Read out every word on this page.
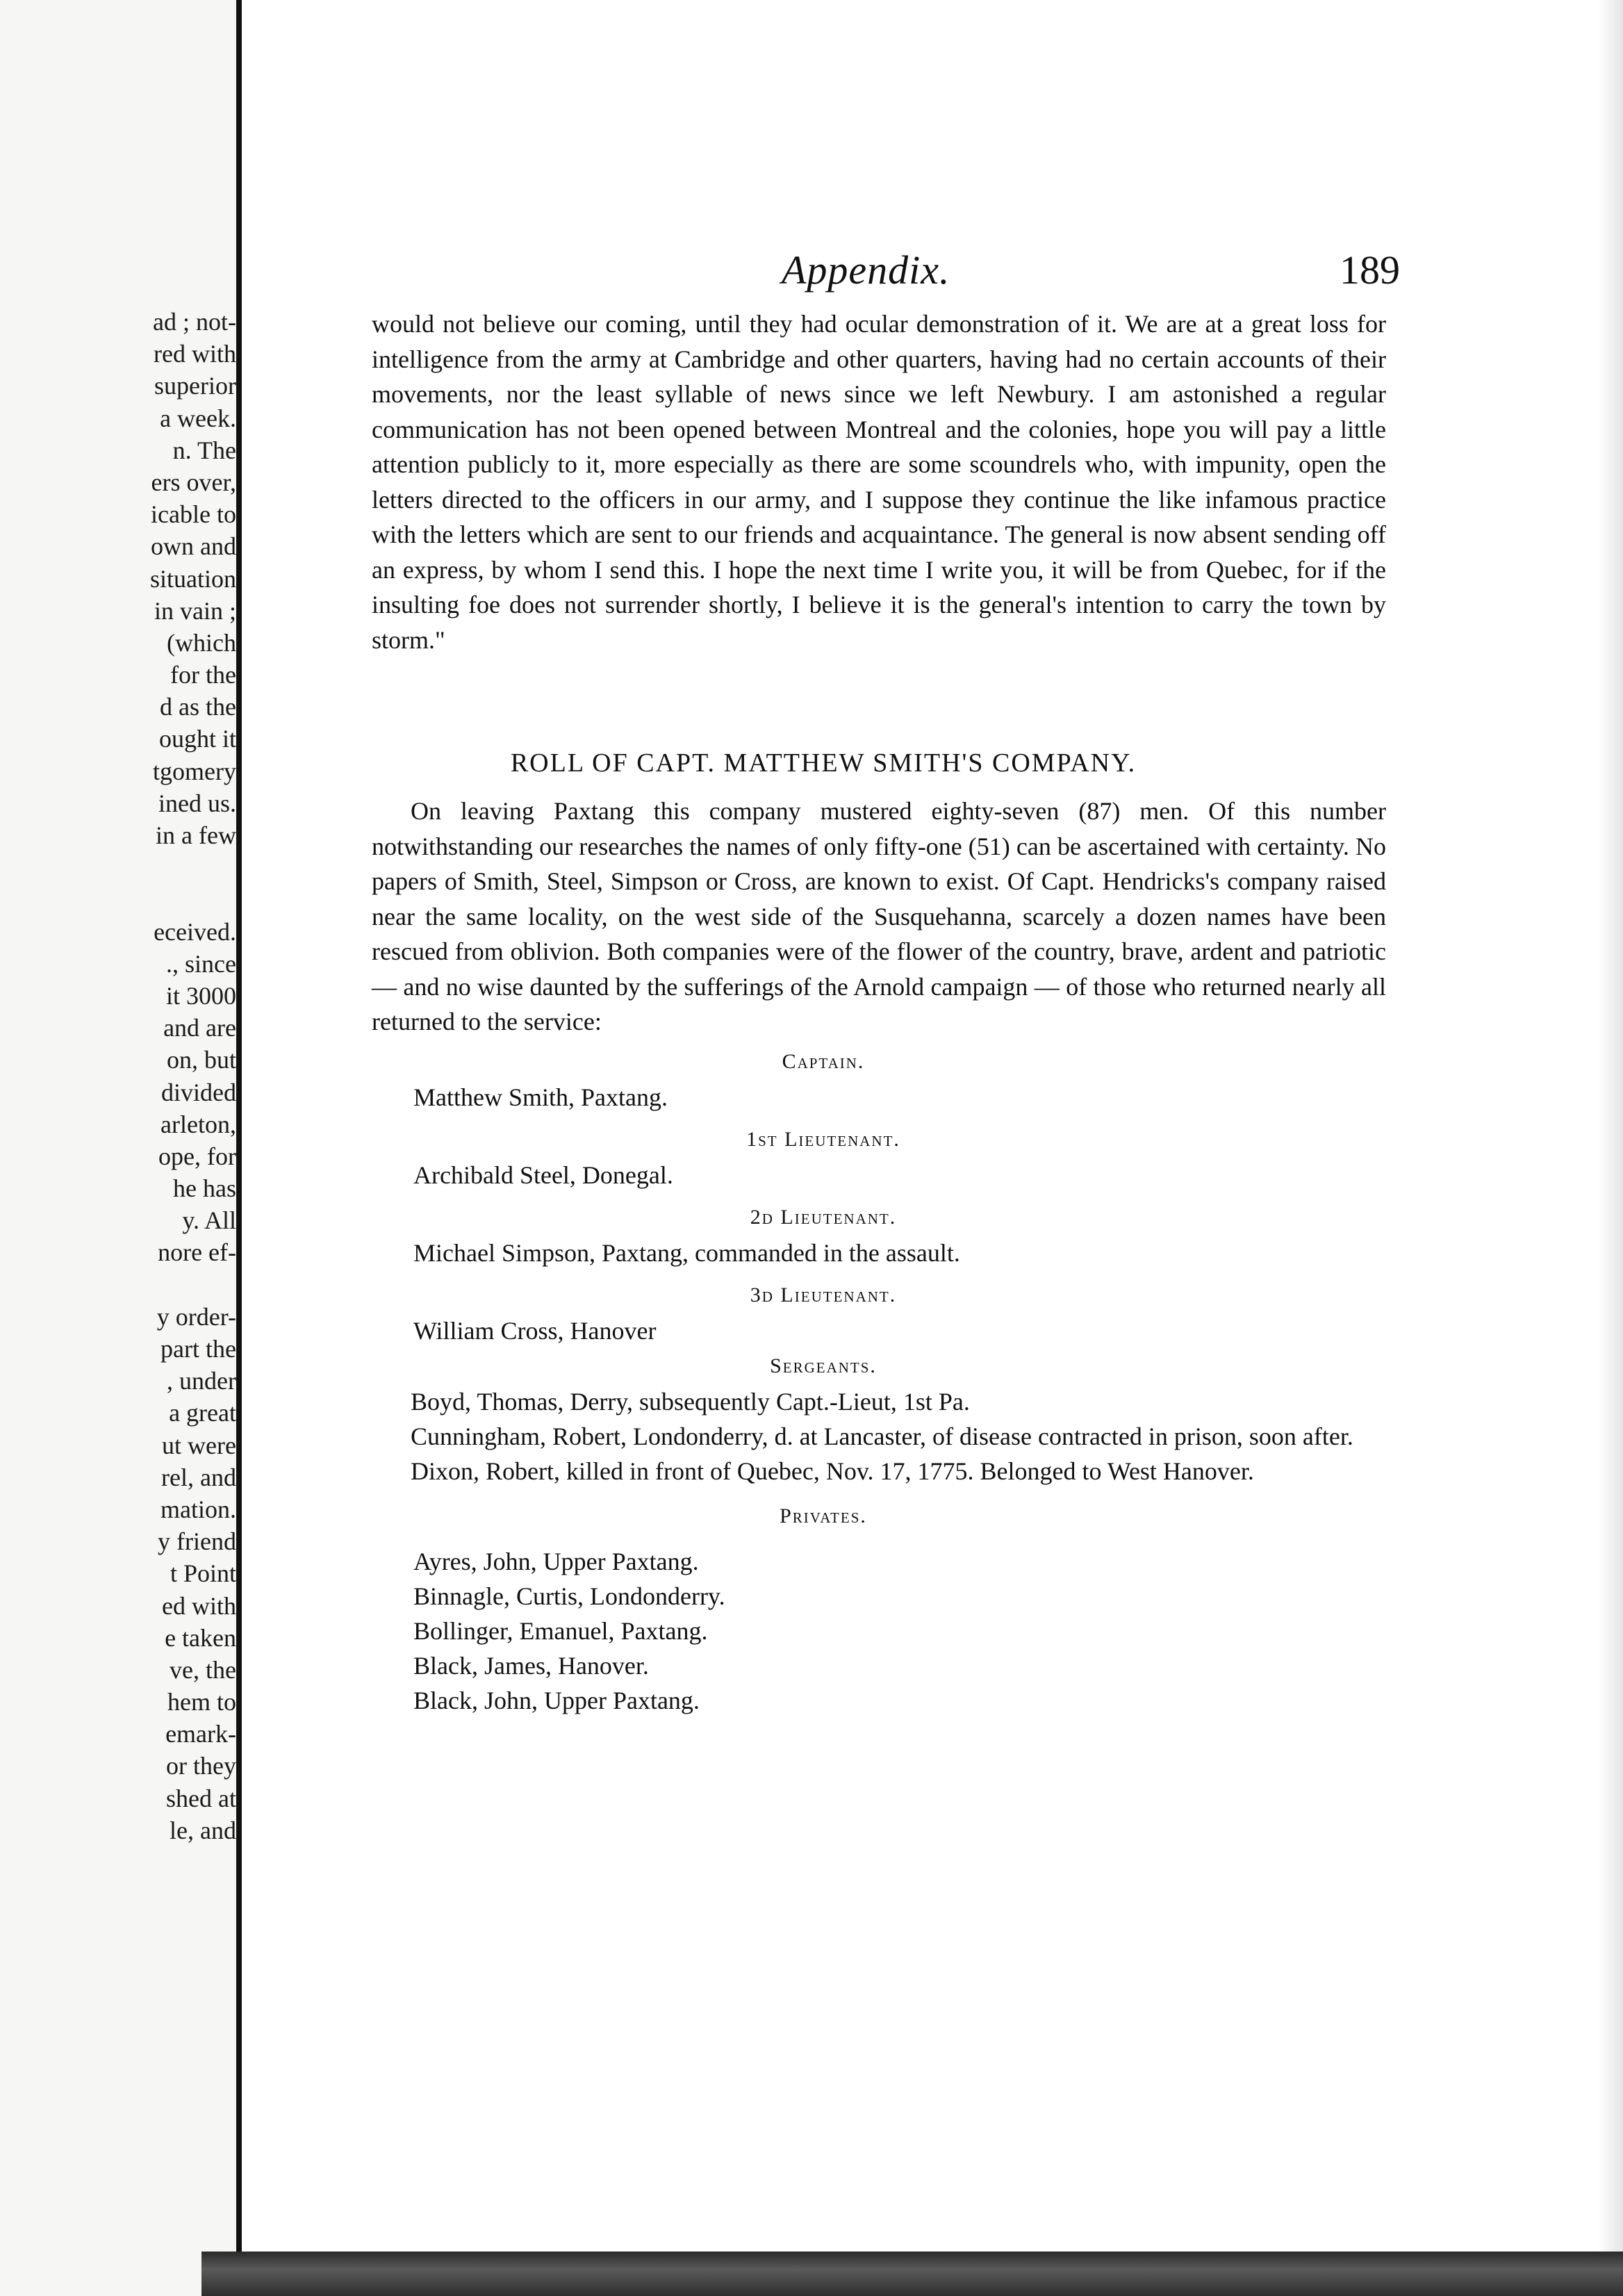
ad ; not-
red with
superior
a week.
n. The
ers over,
icable to
own and
situation
in vain ;
(which
for the
d as the
ought it
tgomery
ined us.
in a few
eceived.
., since
it 3000
and are
on, but
divided
arleton,
ope, for
he has
y. All
nore ef-
y order-
part the
, under
a great
ut were
rel, and
mation.
y friend
t Point
ed with
e taken
ve, the
hem to
emark-
or they
shed at
le, and
Appendix.	189

would not believe our coming, until they had ocular demonstration of it. We are at a great loss for intelligence from the army at Cambridge and other quarters, having had no certain accounts of their movements, nor the least syllable of news since we left Newbury. I am astonished a regular communication has not been opened between Montreal and the colonies, hope you will pay a little attention publicly to it, more especially as there are some scoundrels who, with impunity, open the letters directed to the officers in our army, and I suppose they continue the like infamous practice with the letters which are sent to our friends and acquaintance. The general is now absent sending off an express, by whom I send this. I hope the next time I write you, it will be from Quebec, for if the insulting foe does not surrender shortly, I believe it is the general's intention to carry the town by storm."

ROLL OF CAPT. MATTHEW SMITH'S COMPANY.

On leaving Paxtang this company mustered eighty-seven (87) men. Of this number notwithstanding our researches the names of only fifty-one (51) can be ascertained with certainty. No papers of Smith, Steel, Simpson or Cross, are known to exist. Of Capt. Hendricks's company raised near the same locality, on the west side of the Susquehanna, scarcely a dozen names have been rescued from oblivion. Both companies were of the flower of the country, brave, ardent and patriotic — and no wise daunted by the sufferings of the Arnold campaign — of those who returned nearly all returned to the service:

Captain.

Matthew Smith, Paxtang.

1st Lieutenant.

Archibald Steel, Donegal.

2d Lieutenant.

Michael Simpson, Paxtang, commanded in the assault.

3d Lieutenant.

William Cross, Hanover

Sergeants.

Boyd, Thomas, Derry, subsequently Capt.-Lieut, 1st Pa.

Cunningham, Robert, Londonderry, d. at Lancaster, of disease contracted in prison, soon after.

Dixon, Robert, killed in front of Quebec, Nov. 17, 1775. Belonged to West Hanover.

Privates.

Ayres, John, Upper Paxtang.

Binnagle, Curtis, Londonderry.

Bollinger, Emanuel, Paxtang.

Black, James, Hanover.

Black, John, Upper Paxtang.
